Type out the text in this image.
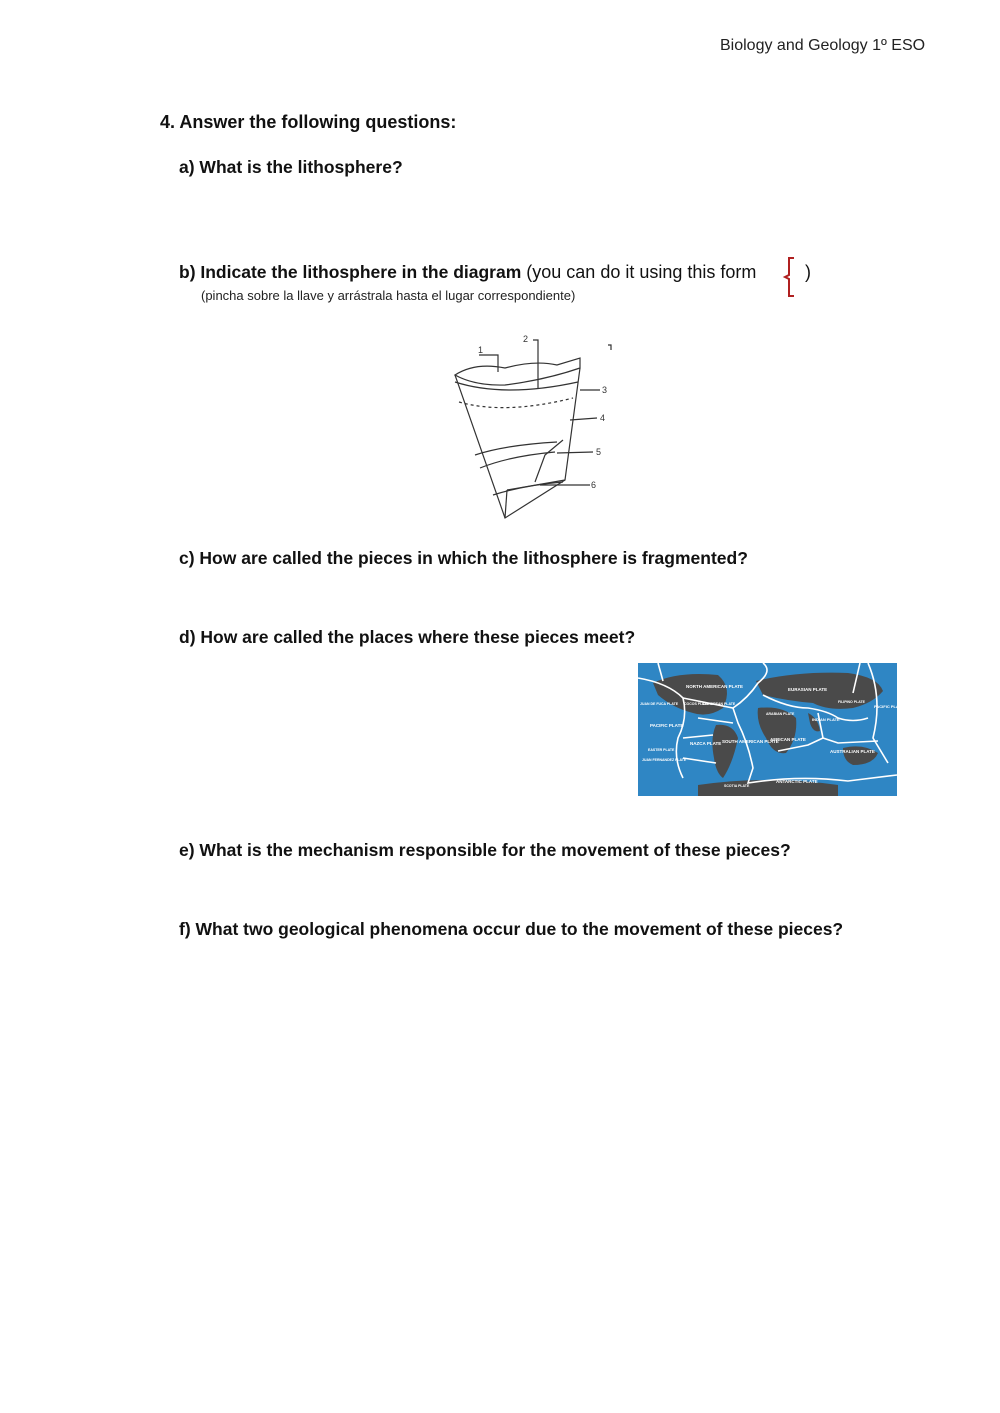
Biology and Geology 1º ESO
4. Answer the following questions:
a) What is the lithosphere?
b) Indicate the lithosphere in the diagram (you can do it using this form	)
(pincha sobre la llave y arrástrala hasta el lugar correspondiente)
1
2
3
4
5
6
c) How are called the pieces in which the lithosphere is fragmented?
d) How are called the places where these pieces meet?
NORTH AMERICAN PLATE
EURASIAN PLATE
PACIFIC PLATE
PACIFIC PLATE
JUAN DE FUCA PLATE COCOS PLATE
CARIBBEAN PLATE
ARABIAN PLATE
INDIAN PLATE
FILIPINO PLATE
AFRICAN PLATE
NAZCA PLATE SOUTH AMERICAN PLATE
EASTER PLATE
JUAN FERNANDEZ PLATE
AUSTRALIAN PLATE
ANTARCTIC PLATE
SCOTIA PLATE
e) What is the mechanism responsible for the movement of these pieces?
f) What two geological phenomena occur due to the movement of these pieces?
